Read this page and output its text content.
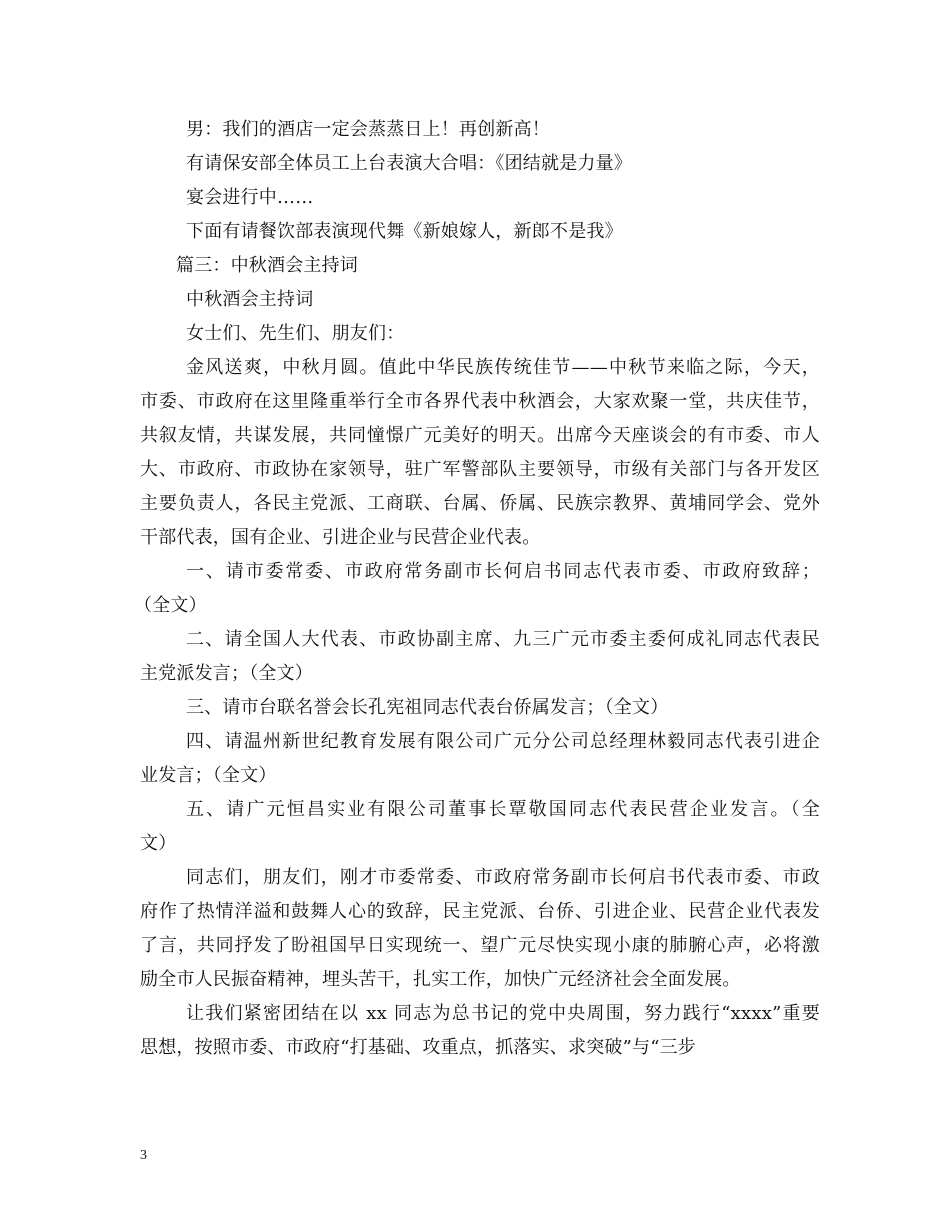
男：我们的酒店一定会蒸蒸日上！再创新高！
有请保安部全体员工上台表演大合唱：《团结就是力量》
宴会进行中……
下面有请餐饮部表演现代舞《新娘嫁人，新郎不是我》
篇三：中秋酒会主持词
中秋酒会主持词
女士们、先生们、朋友们：
金风送爽，中秋月圆。值此中华民族传统佳节——中秋节来临之际，今天，
市委、市政府在这里隆重举行全市各界代表中秋酒会，大家欢聚一堂，共庆佳节，
共叙友情，共谋发展，共同憧憬广元美好的明天。出席今天座谈会的有市委、市人
大、市政府、市政协在家领导，驻广军警部队主要领导，市级有关部门与各开发区
主要负责人，各民主党派、工商联、台属、侨属、民族宗教界、黄埔同学会、党外
干部代表，国有企业、引进企业与民营企业代表。
一、请市委常委、市政府常务副市长何启书同志代表市委、市政府致辞；
（全文）
二、请全国人大代表、市政协副主席、九三广元市委主委何成礼同志代表民
主党派发言；（全文）
三、请市台联名誉会长孔宪祖同志代表台侨属发言；（全文）
四、请温州新世纪教育发展有限公司广元分公司总经理林毅同志代表引进企
业发言；（全文）
五、请广元恒昌实业有限公司董事长覃敬国同志代表民营企业发言。（全
文）
同志们，朋友们，刚才市委常委、市政府常务副市长何启书代表市委、市政
府作了热情洋溢和鼓舞人心的致辞，民主党派、台侨、引进企业、民营企业代表发
了言，共同抒发了盼祖国早日实现统一、望广元尽快实现小康的肺腑心声，必将激
励全市人民振奋精神，埋头苦干，扎实工作，加快广元经济社会全面发展。
让我们紧密团结在以 xx 同志为总书记的党中央周围，努力践行“xxxx”重要
思想，按照市委、市政府“打基础、攻重点，抓落实、求突破”与“三步
3
